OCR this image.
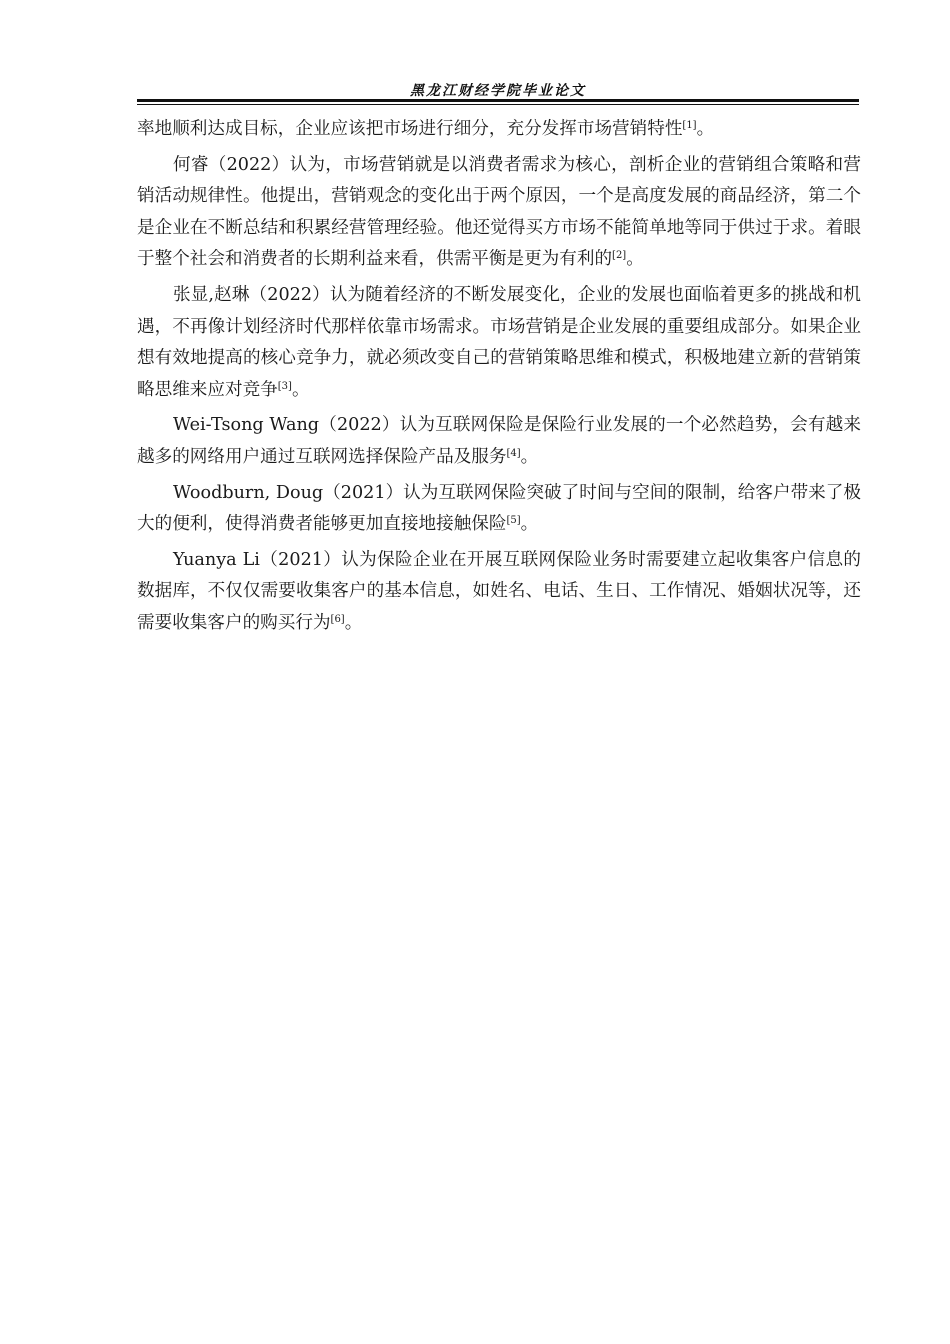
黑龙江财经学院毕业论文

率地顺利达成目标，企业应该把市场进行细分，充分发挥市场营销特性[1]。

何睿（2022）认为，市场营销就是以消费者需求为核心，剖析企业的营销组合策略和营销活动规律性。他提出，营销观念的变化出于两个原因，一个是高度发展的商品经济，第二个是企业在不断总结和积累经营管理经验。他还觉得买方市场不能简单地等同于供过于求。着眼于整个社会和消费者的长期利益来看，供需平衡是更为有利的[2]。

张显,赵琳（2022）认为随着经济的不断发展变化，企业的发展也面临着更多的挑战和机遇，不再像计划经济时代那样依靠市场需求。市场营销是企业发展的重要组成部分。如果企业想有效地提高的核心竞争力，就必须改变自己的营销策略思维和模式，积极地建立新的营销策略思维来应对竞争[3]。

Wei-Tsong Wang（2022）认为互联网保险是保险行业发展的一个必然趋势，会有越来越多的网络用户通过互联网选择保险产品及服务[4]。

Woodburn, Doug（2021）认为互联网保险突破了时间与空间的限制，给客户带来了极大的便利，使得消费者能够更加直接地接触保险[5]。

Yuanya Li（2021）认为保险企业在开展互联网保险业务时需要建立起收集客户信息的数据库，不仅仅需要收集客户的基本信息，如姓名、电话、生日、工作情况、婚姻状况等，还需要收集客户的购买行为[6]。
